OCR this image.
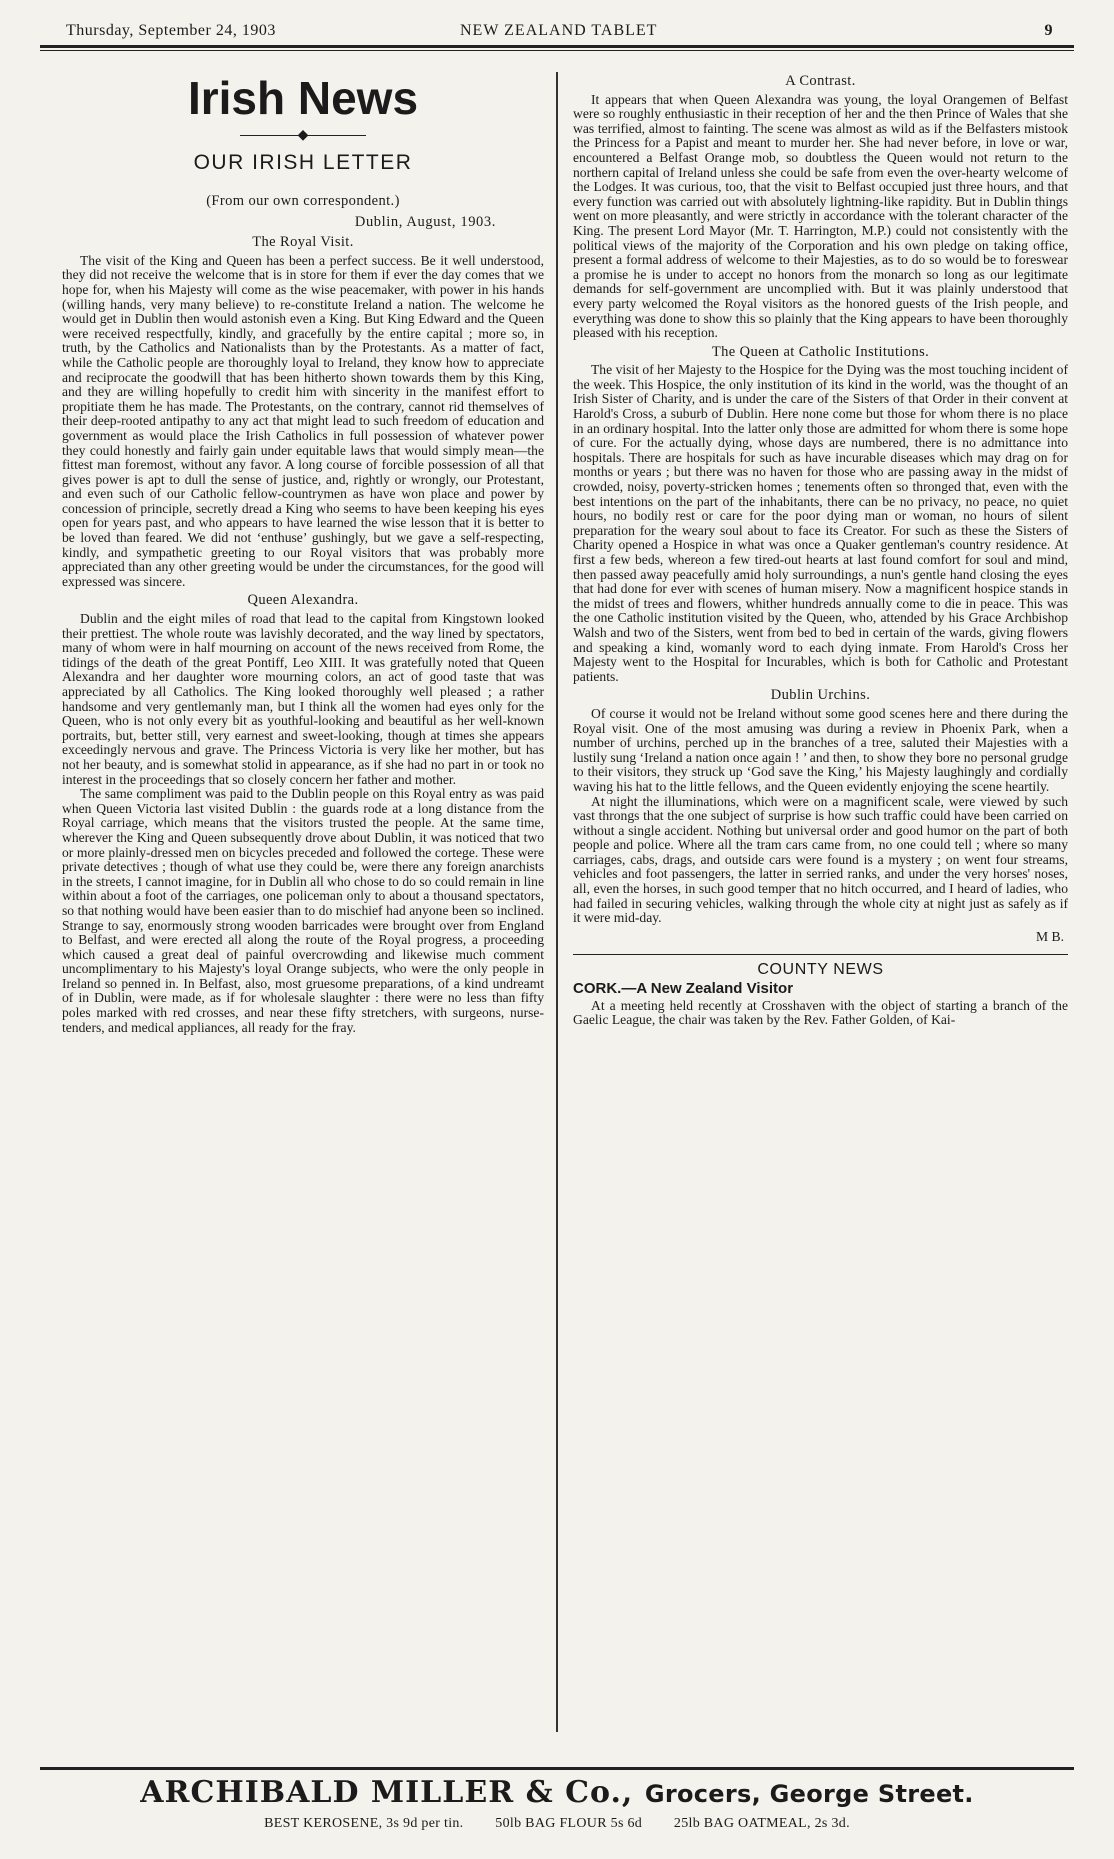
Thursday, September 24, 1903	NEW ZEALAND TABLET	9
Irish News
◆
OUR IRISH LETTER
(From our own correspondent.)
Dublin, August, 1903.
The Royal Visit.

The visit of the King and Queen has been a perfect success. Be it well understood, they did not receive the welcome that is in store for them if ever the day comes that we hope for, when his Majesty will come as the wise peacemaker, with power in his hands (willing hands, very many believe) to re-constitute Ireland a nation. The welcome he would get in Dublin then would astonish even a King. But King Edward and the Queen were received respectfully, kindly, and gracefully by the entire capital ; more so, in truth, by the Catholics and Nationalists than by the Protestants. As a matter of fact, while the Catholic people are thoroughly loyal to Ireland, they know how to appreciate and reciprocate the goodwill that has been hitherto shown towards them by this King, and they are willing hopefully to credit him with sincerity in the manifest effort to propitiate them he has made. The Protestants, on the contrary, cannot rid themselves of their deep-rooted antipathy to any act that might lead to such freedom of education and government as would place the Irish Catholics in full possession of whatever power they could honestly and fairly gain under equitable laws that would simply mean—the fittest man foremost, without any favor. A long course of forcible possession of all that gives power is apt to dull the sense of justice, and, rightly or wrongly, our Protestant, and even such of our Catholic fellow-countrymen as have won place and power by concession of principle, secretly dread a King who seems to have been keeping his eyes open for years past, and who appears to have learned the wise lesson that it is better to be loved than feared. We did not ‘enthuse’ gushingly, but we gave a self-respecting, kindly, and sympathetic greeting to our Royal visitors that was probably more appreciated than any other greeting would be under the circumstances, for the good will expressed was sincere.

Queen Alexandra.

Dublin and the eight miles of road that lead to the capital from Kingstown looked their prettiest. The whole route was lavishly decorated, and the way lined by spectators, many of whom were in half mourning on account of the news received from Rome, the tidings of the death of the great Pontiff, Leo XIII. It was gratefully noted that Queen Alexandra and her daughter wore mourning colors, an act of good taste that was appreciated by all Catholics. The King looked thoroughly well pleased ; a rather handsome and very gentlemanly man, but I think all the women had eyes only for the Queen, who is not only every bit as youthful-looking and beautiful as her well-known portraits, but, better still, very earnest and sweet-looking, though at times she appears exceedingly nervous and grave. The Princess Victoria is very like her mother, but has not her beauty, and is somewhat stolid in appearance, as if she had no part in or took no interest in the proceedings that so closely concern her father and mother.

The same compliment was paid to the Dublin people on this Royal entry as was paid when Queen Victoria last visited Dublin : the guards rode at a long distance from the Royal carriage, which means that the visitors trusted the people. At the same time, wherever the King and Queen subsequently drove about Dublin, it was noticed that two or more plainly-dressed men on bicycles preceded and followed the cortege. These were private detectives ; though of what use they could be, were there any foreign anarchists in the streets, I cannot imagine, for in Dublin all who chose to do so could remain in line within about a foot of the carriages, one policeman only to about a thousand spectators, so that nothing would have been easier than to do mischief had anyone been so inclined. Strange to say, enormously strong wooden barricades were brought over from England to Belfast, and were erected all along the route of the Royal progress, a proceeding which caused a great deal of painful overcrowding and likewise much comment uncomplimentary to his Majesty's loyal Orange subjects, who were the only people in Ireland so penned in. In Belfast, also, most gruesome preparations, of a kind undreamt of in Dublin, were made, as if for wholesale slaughter : there were no less than fifty poles marked with red crosses, and near these fifty stretchers, with surgeons, nurse-tenders, and medical appliances, all ready for the fray.

A Contrast.

It appears that when Queen Alexandra was young, the loyal Orangemen of Belfast were so roughly enthusiastic in their reception of her and the then Prince of Wales that she was terrified, almost to fainting. The scene was almost as wild as if the Belfasters mistook the Princess for a Papist and meant to murder her. She had never before, in love or war, encountered a Belfast Orange mob, so doubtless the Queen would not return to the northern capital of Ireland unless she could be safe from even the over-hearty welcome of the Lodges. It was curious, too, that the visit to Belfast occupied just three hours, and that every function was carried out with absolutely lightning-like rapidity. But in Dublin things went on more pleasantly, and were strictly in accordance with the tolerant character of the King. The present Lord Mayor (Mr. T. Harrington, M.P.) could not consistently with the political views of the majority of the Corporation and his own pledge on taking office, present a formal address of welcome to their Majesties, as to do so would be to foreswear a promise he is under to accept no honors from the monarch so long as our legitimate demands for self-government are uncomplied with. But it was plainly understood that every party welcomed the Royal visitors as the honored guests of the Irish people, and everything was done to show this so plainly that the King appears to have been thoroughly pleased with his reception.

The Queen at Catholic Institutions.

The visit of her Majesty to the Hospice for the Dying was the most touching incident of the week. This Hospice, the only institution of its kind in the world, was the thought of an Irish Sister of Charity, and is under the care of the Sisters of that Order in their convent at Harold's Cross, a suburb of Dublin. Here none come but those for whom there is no place in an ordinary hospital. Into the latter only those are admitted for whom there is some hope of cure. For the actually dying, whose days are numbered, there is no admittance into hospitals. There are hospitals for such as have incurable diseases which may drag on for months or years ; but there was no haven for those who are passing away in the midst of crowded, noisy, poverty-stricken homes ; tenements often so thronged that, even with the best intentions on the part of the inhabitants, there can be no privacy, no peace, no quiet hours, no bodily rest or care for the poor dying man or woman, no hours of silent preparation for the weary soul about to face its Creator. For such as these the Sisters of Charity opened a Hospice in what was once a Quaker gentleman's country residence. At first a few beds, whereon a few tired-out hearts at last found comfort for soul and mind, then passed away peacefully amid holy surroundings, a nun's gentle hand closing the eyes that had done for ever with scenes of human misery. Now a magnificent hospice stands in the midst of trees and flowers, whither hundreds annually come to die in peace. This was the one Catholic institution visited by the Queen, who, attended by his Grace Archbishop Walsh and two of the Sisters, went from bed to bed in certain of the wards, giving flowers and speaking a kind, womanly word to each dying inmate. From Harold's Cross her Majesty went to the Hospital for Incurables, which is both for Catholic and Protestant patients.

Dublin Urchins.

Of course it would not be Ireland without some good scenes here and there during the Royal visit. One of the most amusing was during a review in Phoenix Park, when a number of urchins, perched up in the branches of a tree, saluted their Majesties with a lustily sung ‘Ireland a nation once again ! ’ and then, to show they bore no personal grudge to their visitors, they struck up ‘God save the King,’ his Majesty laughingly and cordially waving his hat to the little fellows, and the Queen evidently enjoying the scene heartily.

At night the illuminations, which were on a magnificent scale, were viewed by such vast throngs that the one subject of surprise is how such traffic could have been carried on without a single accident. Nothing but universal order and good humor on the part of both people and police. Where all the tram cars came from, no one could tell ; where so many carriages, cabs, drags, and outside cars were found is a mystery ; on went four streams, vehicles and foot passengers, the latter in serried ranks, and under the very horses' noses, all, even the horses, in such good temper that no hitch occurred, and I heard of ladies, who had failed in securing vehicles, walking through the whole city at night just as safely as if it were mid-day.

M B.

COUNTY NEWS
CORK.—A New Zealand Visitor

At a meeting held recently at Crosshaven with the object of starting a branch of the Gaelic League, the chair was taken by the Rev. Father Golden, of Kai-

ARCHIBALD MILLER & Co., Grocers, George Street.
BEST KEROSENE, 3s 9d per tin. 50lb BAG FLOUR 5s 6d 25lb BAG OATMEAL, 2s 3d.
